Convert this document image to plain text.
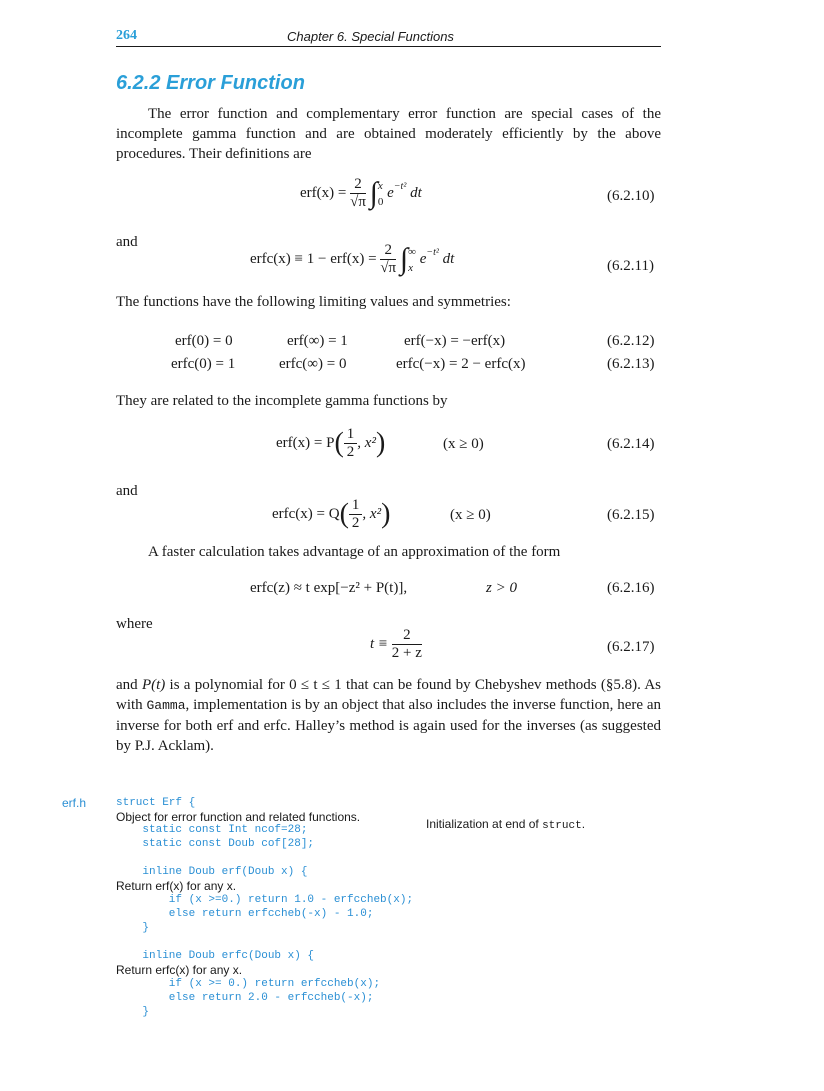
264	Chapter 6. Special Functions
6.2.2 Error Function
The error function and complementary error function are special cases of the incomplete gamma function and are obtained moderately efficiently by the above procedures. Their definitions are
$erf(x) = \frac{2}{√\pi}$ ∫ x
0
$e^{-t^2}$ dt	(6.2.10)
and
erfc(x) ≡ $1 - erf(x) = \frac{2}{√\pi}$ ∫ ∞
x
$e^{-t^2}$ dt	(6.2.11)
The functions have the following limiting values and symmetries:
erf(0) = 0	erf(∞) = 1	erf(−x) = −erf(x)	(6.2.12)
erfc(0) = 1	erfc(∞) = 0	erfc(−x) = 2 − erfc(x)	(6.2.13)
They are related to the incomplete gamma functions by
$erf(x) = P( \frac{1}{2}$ , x²)	(x ≥ 0)	(6.2.14)
and
erfc(x) = $Q( \frac{1}{2}$ , x²)	(x ≥ 0)	(6.2.15)
A faster calculation takes advantage of an approximation of the form
erfc(z) ≈ t exp[−z² + P(t)],	z > 0	(6.2.16)
where
$t \equiv \frac{2}{2 + z}$	(6.2.17)
and P(t) is a polynomial for 0 ≤ t ≤ 1 that can be found by Chebyshev methods (§5.8). As with Gamma, implementation is by an object that also includes the inverse function, here an inverse for both erf and erfc. Halley’s method is again used for the inverses (as suggested by P.J. Acklam).
erf.h	struct Erf {
Object for error function and related functions.
static const Int ncof=28;
static const Doub cof[28];
Initialization at end of struct.
inline Doub erf(Doub x) {
Return erf(x) for any x.
if (x >=0.) return 1.0 - erfccheb(x);
else return erfccheb(-x) - 1.0;
}
inline Doub erfc(Doub x) {
Return erfc(x) for any x.
if (x >= 0.) return erfccheb(x);
else return 2.0 - erfccheb(-x);
}
